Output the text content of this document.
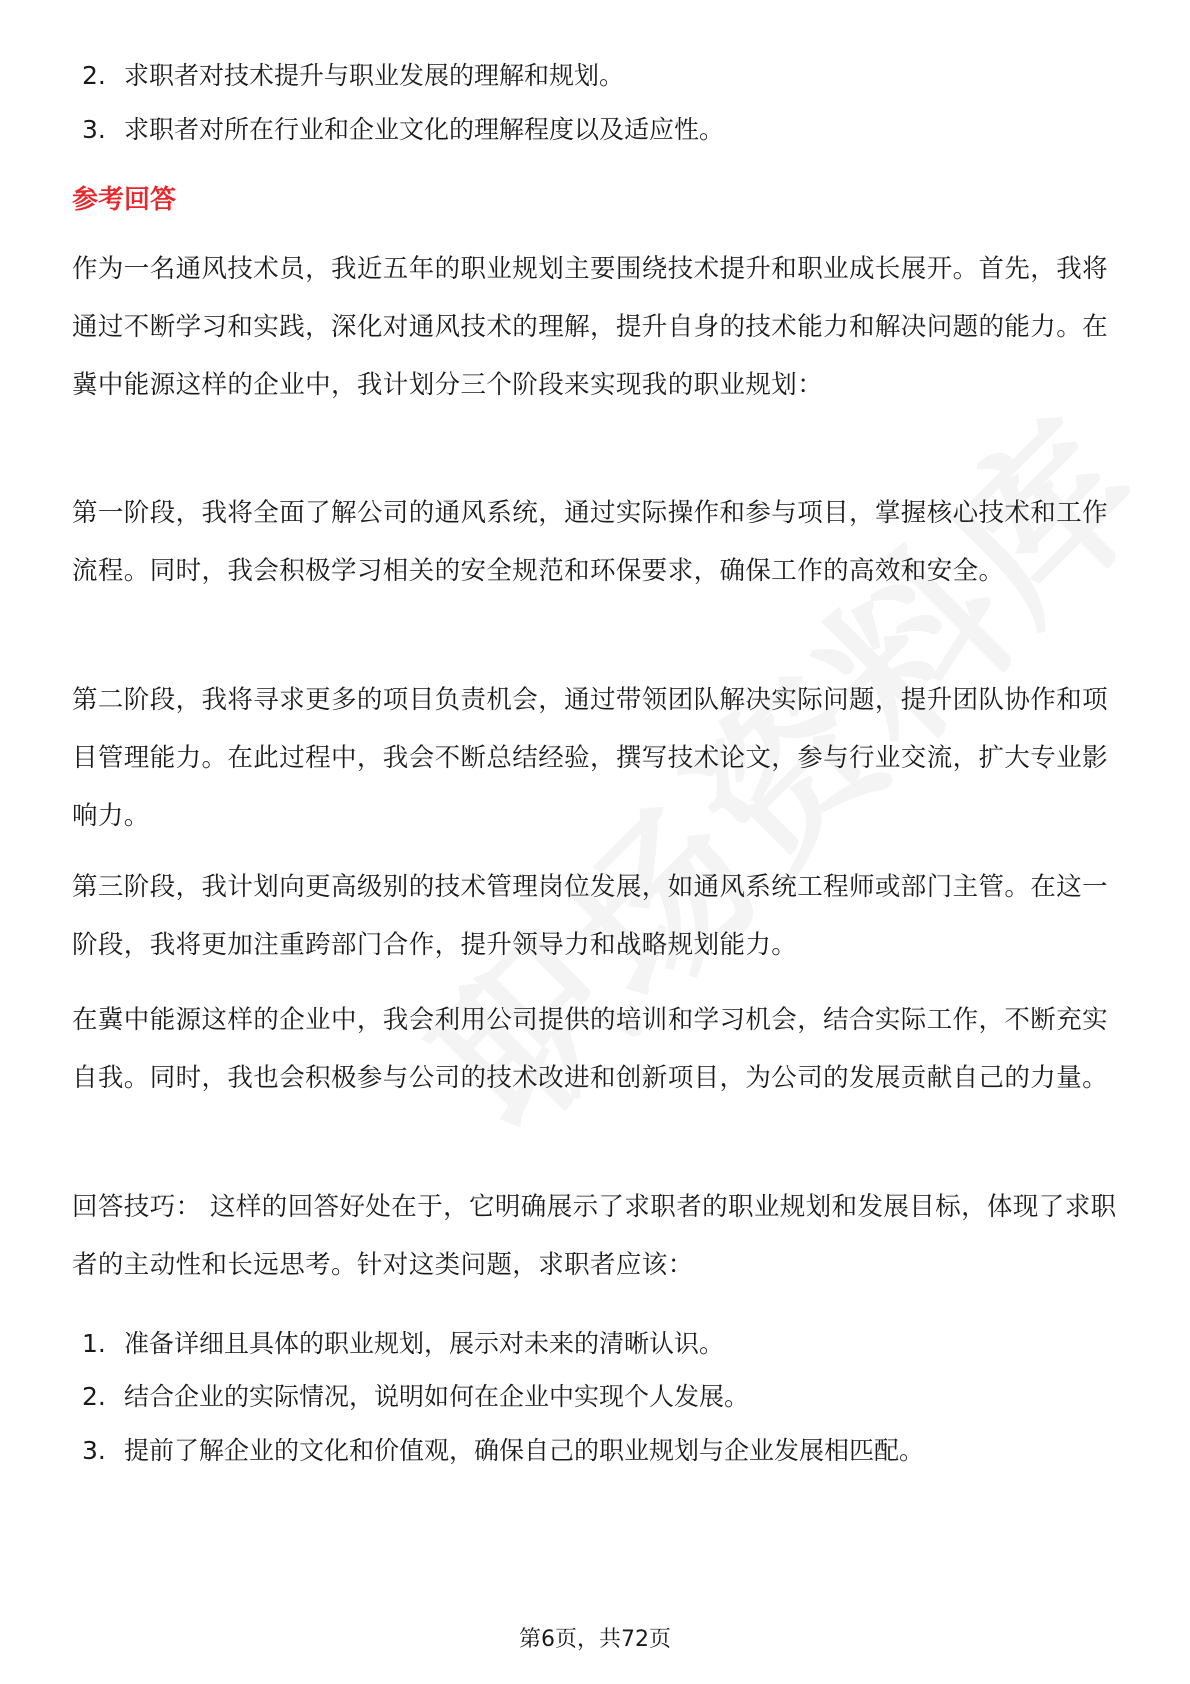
2. 求职者对技术提升与职业发展的理解和规划。
3. 求职者对所在行业和企业文化的理解程度以及适应性。
参考回答
作为一名通风技术员，我近五年的职业规划主要围绕技术提升和职业成长展开。首先，我将通过不断学习和实践，深化对通风技术的理解，提升自身的技术能力和解决问题的能力。在冀中能源这样的企业中，我计划分三个阶段来实现我的职业规划：
第一阶段，我将全面了解公司的通风系统，通过实际操作和参与项目，掌握核心技术和工作流程。同时，我会积极学习相关的安全规范和环保要求，确保工作的高效和安全。
第二阶段，我将寻求更多的项目负责机会，通过带领团队解决实际问题，提升团队协作和项目管理能力。在此过程中，我会不断总结经验，撰写技术论文，参与行业交流，扩大专业影响力。
第三阶段，我计划向更高级别的技术管理岗位发展，如通风系统工程师或部门主管。在这一阶段，我将更加注重跨部门合作，提升领导力和战略规划能力。
在冀中能源这样的企业中，我会利用公司提供的培训和学习机会，结合实际工作，不断充实自我。同时，我也会积极参与公司的技术改进和创新项目，为公司的发展贡献自己的力量。
回答技巧： 这样的回答好处在于，它明确展示了求职者的职业规划和发展目标，体现了求职者的主动性和长远思考。针对这类问题，求职者应该：
1. 准备详细且具体的职业规划，展示对未来的清晰认识。
2. 结合企业的实际情况，说明如何在企业中实现个人发展。
3. 提前了解企业的文化和价值观，确保自己的职业规划与企业发展相匹配。
第6页，共72页
